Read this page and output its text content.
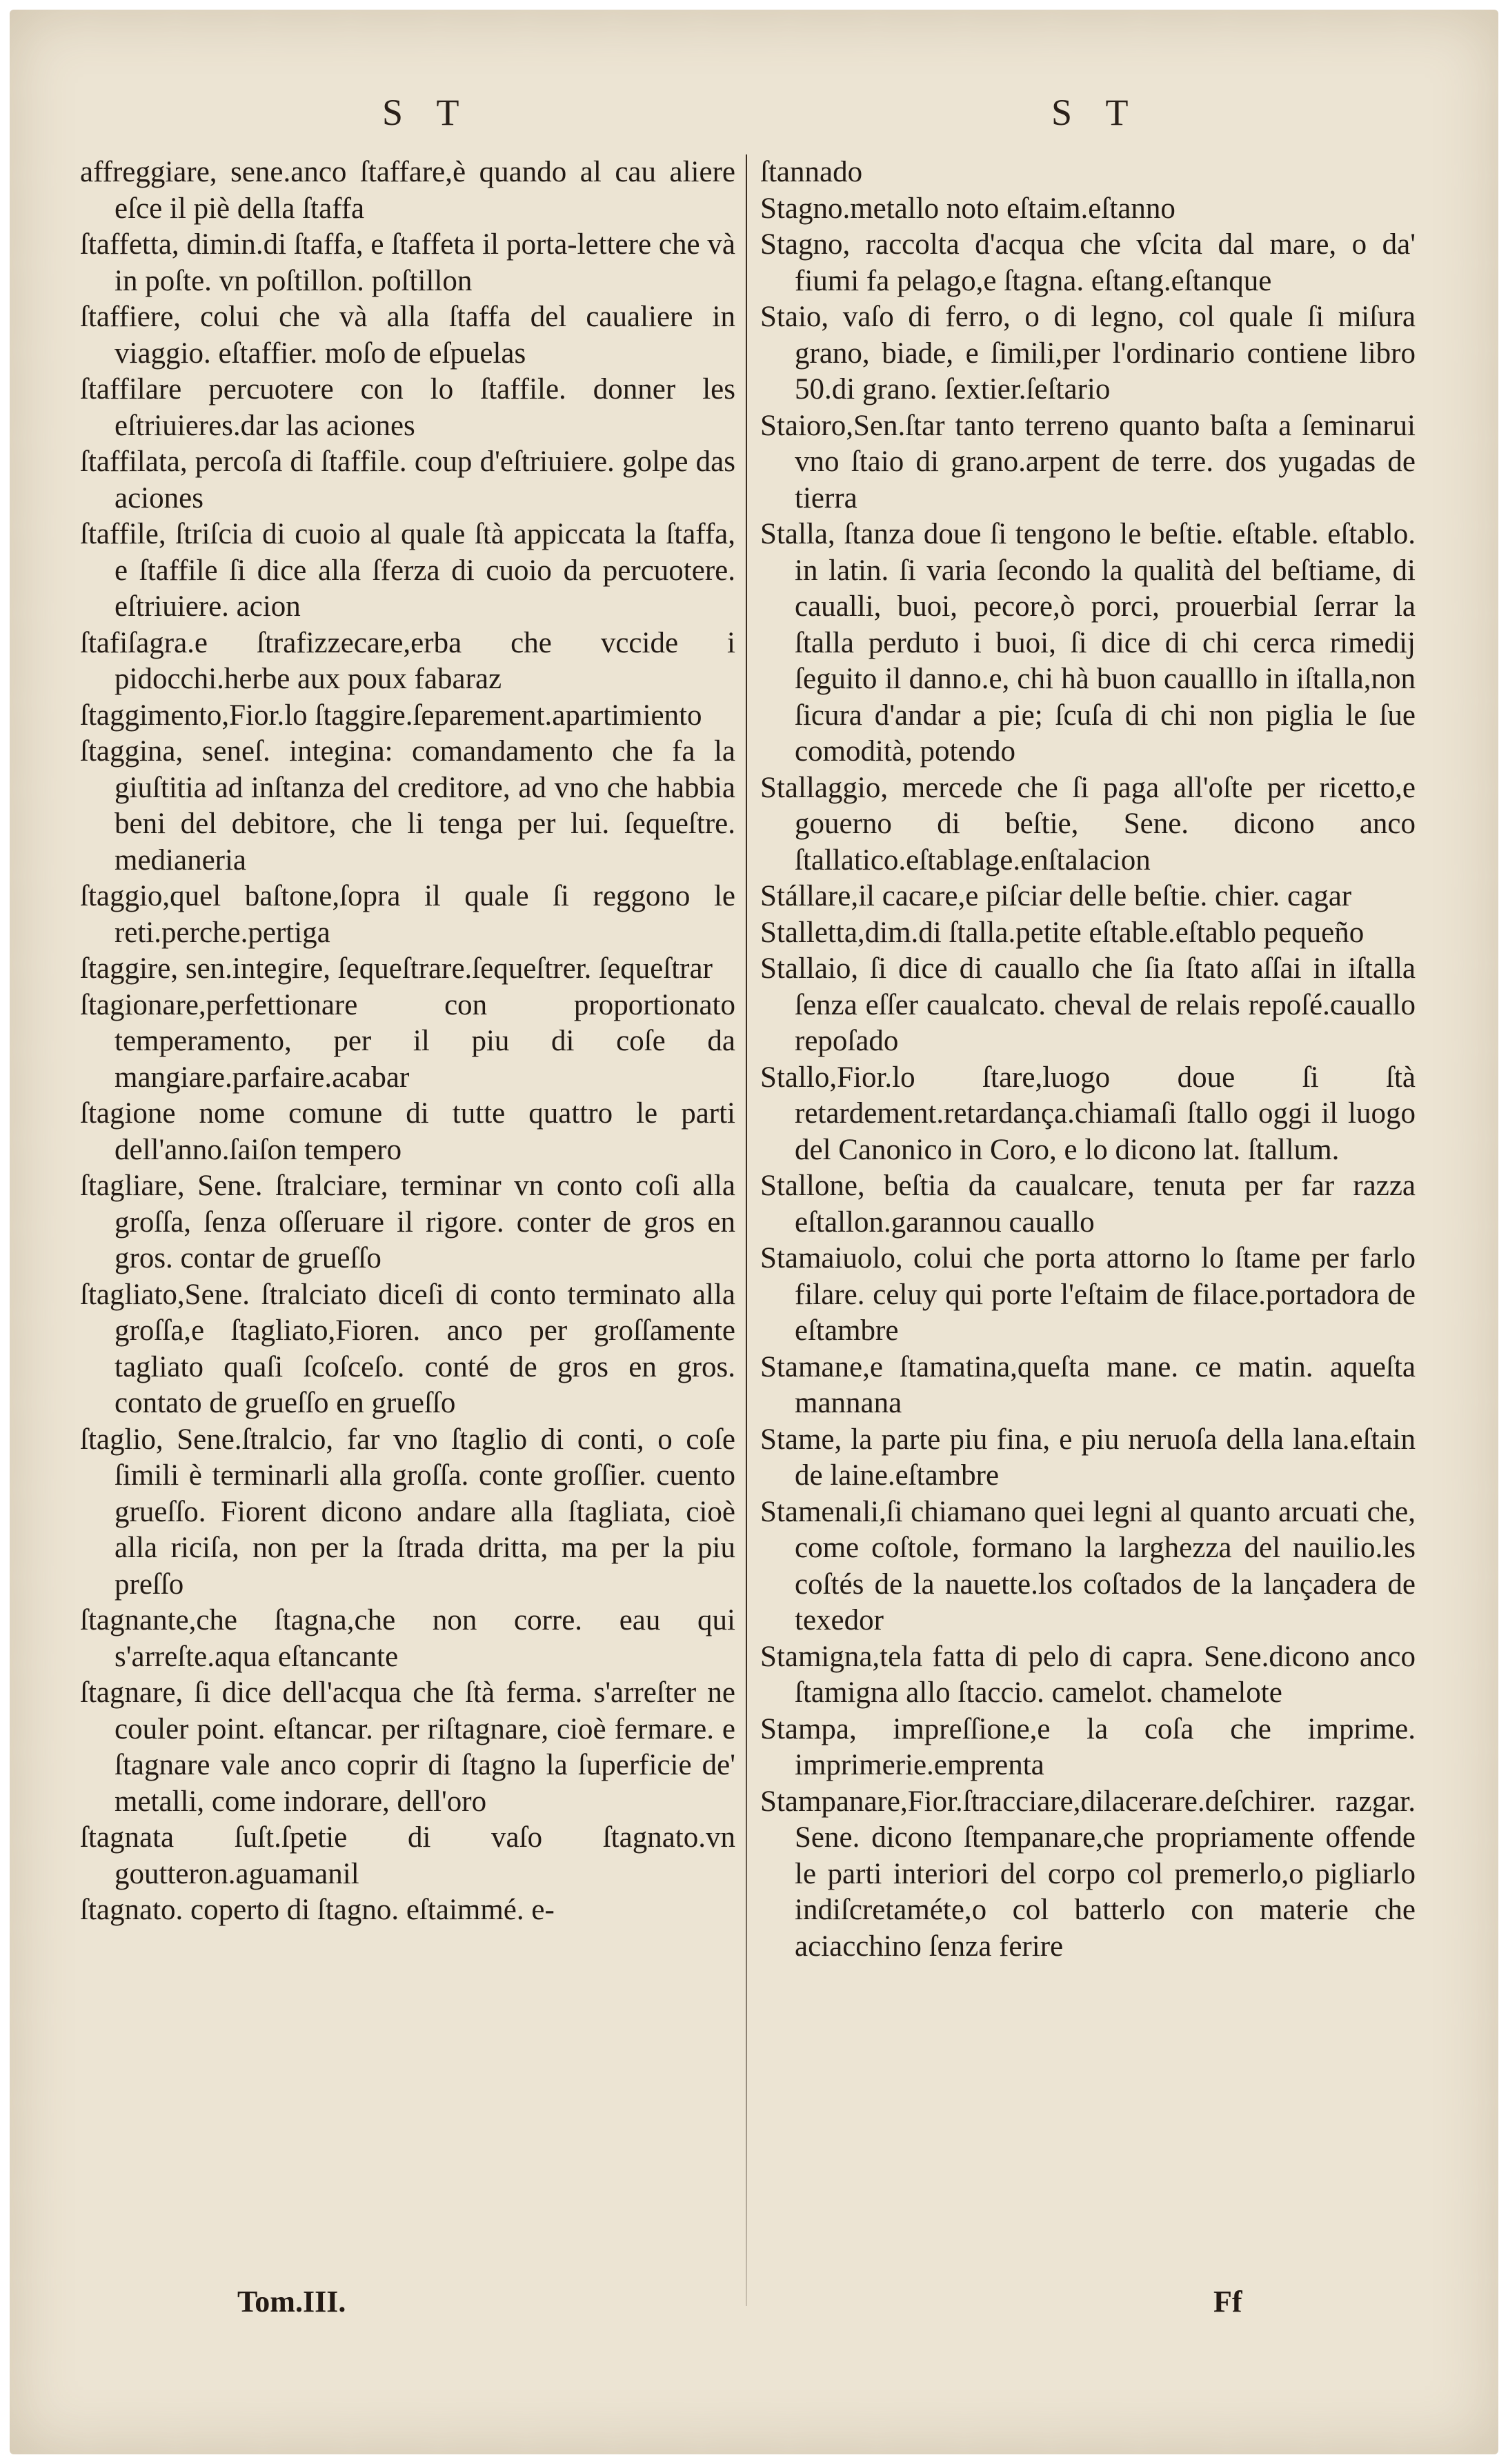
S T	S T

affreggiare, sene.anco ſtaffare,è quando al cau aliere eſce il piè della ſtaffa

ſtaffetta, dimin.di ſtaffa, e ſtaffeta il porta-lettere che và in poſte. vn poſtillon. poſtillon

ſtaffiere, colui che và alla ſtaffa del caualiere in viaggio. eſtaffier. moſo de eſpuelas

ſtaffilare percuotere con lo ſtaffile. donner les eſtriuieres.dar las aciones

ſtaffilata, percoſa di ſtaffile. coup d'eſtriuiere. golpe das aciones

ſtaffile, ſtriſcia di cuoio al quale ſtà appiccata la ſtaffa, e ſtaffile ſi dice alla ſferza di cuoio da percuotere. eſtriuiere. acion

ſtafiſagra.e ſtrafizzecare,erba che vccide i pidocchi.herbe aux poux fabaraz

ſtaggimento,Fior.lo ſtaggire.ſeparement.apartimiento

ſtaggina, seneſ. integina: comandamento che fa la giuſtitia ad inſtanza del creditore, ad vno che habbia beni del debitore, che li tenga per lui. ſequeſtre. medianeria

ſtaggio,quel baſtone,ſopra il quale ſi reggono le reti.perche.pertiga

ſtaggire, sen.integire, ſequeſtrare.ſequeſtrer. ſequeſtrar

ſtagionare,perfettionare con proportionato temperamento, per il piu di coſe da mangiare.parfaire.acabar

ſtagione nome comune di tutte quattro le parti dell'anno.ſaiſon tempero

ſtagliare, Sene. ſtralciare, terminar vn conto coſi alla groſſa, ſenza oſſeruare il rigore. conter de gros en gros. contar de grueſſo

ſtagliato,Sene. ſtralciato diceſi di conto terminato alla groſſa,e ſtagliato,Fioren. anco per groſſamente tagliato quaſi ſcoſceſo. conté de gros en gros. contato de grueſſo en grueſſo

ſtaglio, Sene.ſtralcio, far vno ſtaglio di conti, o coſe ſimili è terminarli alla groſſa. conte groſſier. cuento grueſſo. Fiorent dicono andare alla ſtagliata, cioè alla riciſa, non per la ſtrada dritta, ma per la piu preſſo

ſtagnante,che ſtagna,che non corre. eau qui s'arreſte.aqua eſtancante

ſtagnare, ſi dice dell'acqua che ſtà ferma. s'arreſter ne couler point. eſtancar. per riſtagnare, cioè fermare. e ſtagnare vale anco coprir di ſtagno la ſuperficie de' metalli, come indorare, dell'oro

ſtagnata ſuſt.ſpetie di vaſo ſtagnato.vn goutteron.aguamanil

ſtagnato. coperto di ſtagno. eſtaimmé. e-

ſtannado

Stagno.metallo noto eſtaim.eſtanno

Stagno, raccolta d'acqua che vſcita dal mare, o da' fiumi fa pelago,e ſtagna. eſtang.eſtanque

Staio, vaſo di ferro, o di legno, col quale ſi miſura grano, biade, e ſimili,per l'ordinario contiene libro 50.di grano. ſextier.ſeſtario

Staioro,Sen.ſtar tanto terreno quanto baſta a ſeminarui vno ſtaio di grano.arpent de terre. dos yugadas de tierra

Stalla, ſtanza doue ſi tengono le beſtie. eſtable. eſtablo. in latin. ſi varia ſecondo la qualità del beſtiame, di caualli, buoi, pecore,ò porci, prouerbial ſerrar la ſtalla perduto i buoi, ſi dice di chi cerca rimedij ſeguito il danno.e, chi hà buon caualllo in iſtalla,non ſicura d'andar a pie; ſcuſa di chi non piglia le ſue comodità, potendo

Stallaggio, mercede che ſi paga all'oſte per ricetto,e gouerno di beſtie, Sene. dicono anco ſtallatico.eſtablage.enſtalacion

Stállare,il cacare,e piſciar delle beſtie. chier. cagar

Stalletta,dim.di ſtalla.petite eſtable.eſtablo pequeño

Stallaio, ſi dice di cauallo che ſia ſtato aſſai in iſtalla ſenza eſſer caualcato. cheval de relais repoſé.cauallo repoſado

Stallo,Fior.lo ſtare,luogo doue ſi ſtà retardement.retardança.chiamaſi ſtallo oggi il luogo del Canonico in Coro, e lo dicono lat. ſtallum.

Stallone, beſtia da caualcare, tenuta per far razza eſtallon.garannou cauallo

Stamaiuolo, colui che porta attorno lo ſtame per farlo filare. celuy qui porte l'eſtaim de filace.portadora de eſtambre

Stamane,e ſtamatina,queſta mane. ce matin. aqueſta mannana

Stame, la parte piu fina, e piu neruoſa della lana.eſtain de laine.eſtambre

Stamenali,ſi chiamano quei legni al quanto arcuati che, come coſtole, formano la larghezza del nauilio.les coſtés de la nauette.los coſtados de la lançadera de texedor

Stamigna,tela fatta di pelo di capra. Sene.dicono anco ſtamigna allo ſtaccio. camelot. chamelote

Stampa, impreſſione,e la coſa che imprime. imprimerie.emprenta

Stampanare,Fior.ſtracciare,dilacerare.deſchirer. razgar. Sene. dicono ſtempanare,che propriamente offende le parti interiori del corpo col premerlo,o pigliarlo indiſcretaméte,o col batterlo con materie che aciacchino ſenza ferire

Tom.III.	Ff
